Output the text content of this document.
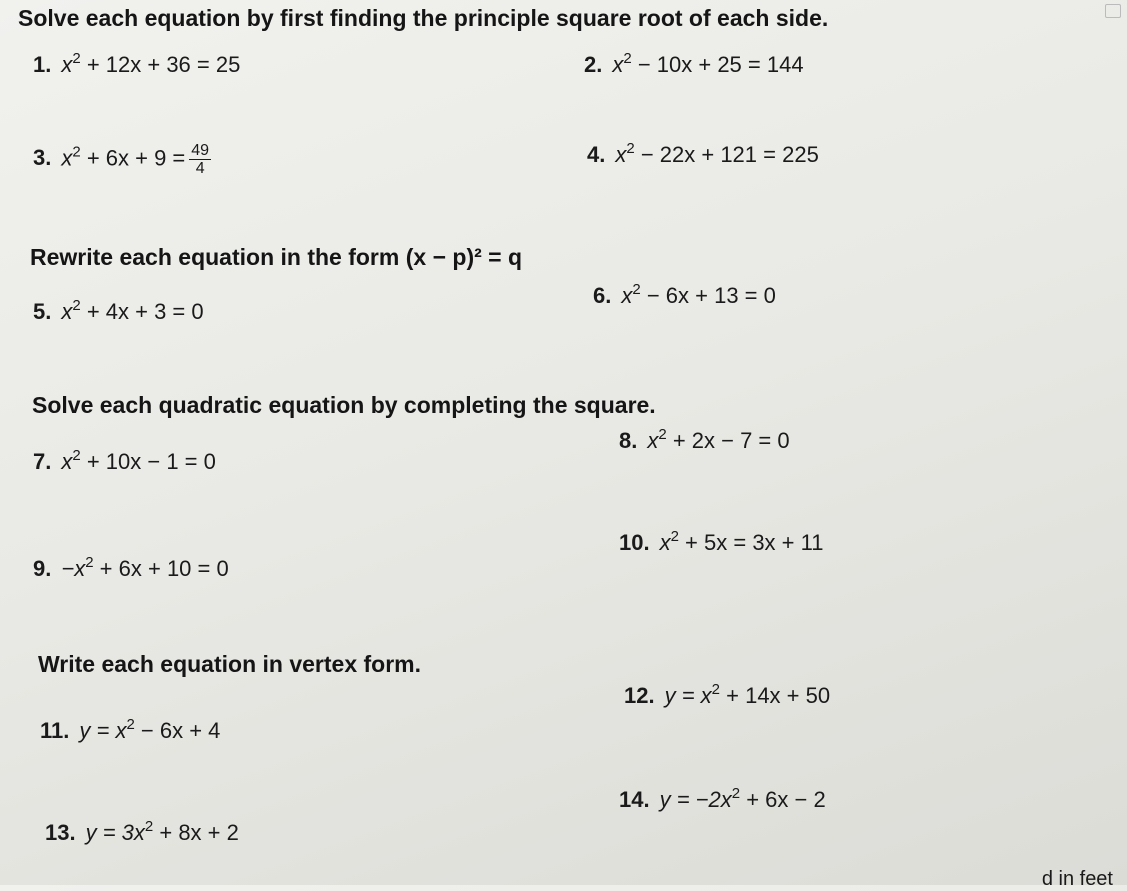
Solve each equation by first finding the principle square root of each side.
1. $x^2 + 12x + 36 = 25$	2. $x^2 - 10x + 25 = 144$
3. $x^2 + 6x + 9 = \frac{49}{4}$	4. $x^2 - 22x + 121 = 225$
Rewrite each equation in the form (x − p)² = q
5. $x^2 + 4x + 3 = 0$
6. $x^2 - 6x + 13 = 0$
Solve each quadratic equation by completing the square.
7. $x^2 + 10x - 1 = 0$
8. $x^2 + 2x - 7 = 0$
9. $-x^2 + 6x + 10 = 0$
10. $x^2 + 5x = 3x + 11$
Write each equation in vertex form.
11. $y = x^2 - 6x + 4$
12. $y = x^2 + 14x + 50$
13. $y = 3x^2 + 8x + 2$
14. $y = -2x^2 + 6x - 2$
d in feet
